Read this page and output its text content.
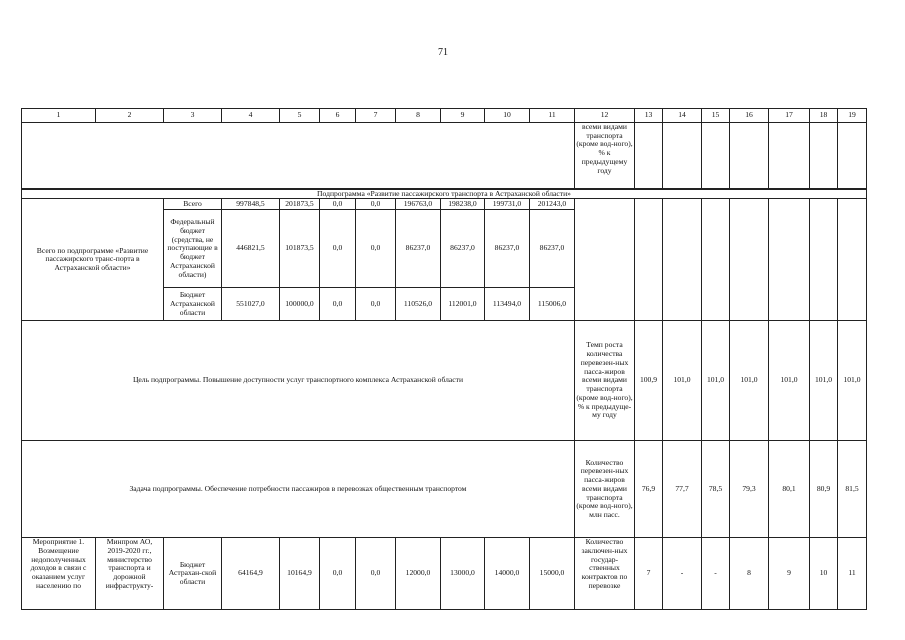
71
1	2	3	4	5	6	7	8	9	10	11	12	13	14	15	16	17	18	19
											всеми видами транспорта (кроме вод-ного), % к предыдущему году							
Подпрограмма «Развитие пассажирского транспорта в Астраханской области»																		
Всего по подпрограмме «Развитие пассажирского транс-порта в Астраханской области»		Всего	997848,5	201873,5	0,0	0,0	196763,0	198238,0	199731,0	201243,0								
		Федеральный бюджет (средства, не поступающие в бюджет Астраханской области)	446821,5	101873,5	0,0	0,0	86237,0	86237,0	86237,0	86237,0								
		Бюджет Астраханской области	551027,0	100000,0	0,0	0,0	110526,0	112001,0	113494,0	115006,0								
Цель подпрограммы. Повышение доступности услуг транспортного комплекса Астраханской области											Темп роста количества перевезен-ных пасса-жиров всеми видами транспорта (кроме вод-ного), % к предыдуще-му году	100,9	101,0	101,0	101,0	101,0	101,0	101,0
Задача подпрограммы. Обеспечение потребности пассажиров в перевозках общественным транспортом											Количество перевезен-ных пасса-жиров всеми видами транспорта (кроме вод-ного), млн пасс.	76,9	77,7	78,5	79,3	80,1	80,9	81,5
Мероприятие 1. Возмещение недополученных доходов в связи с оказанием услуг населению по	Минпром АО, 2019-2020 гг., министерство транспорта и дорожной инфраструкту-	Бюджет Астрахан-ской области	64164,9	10164,9	0,0	0,0	12000,0	13000,0	14000,0	15000,0	Количество заключен-ных государ-ственных контрактов по перевозке	7	-	-	8	9	10	11
